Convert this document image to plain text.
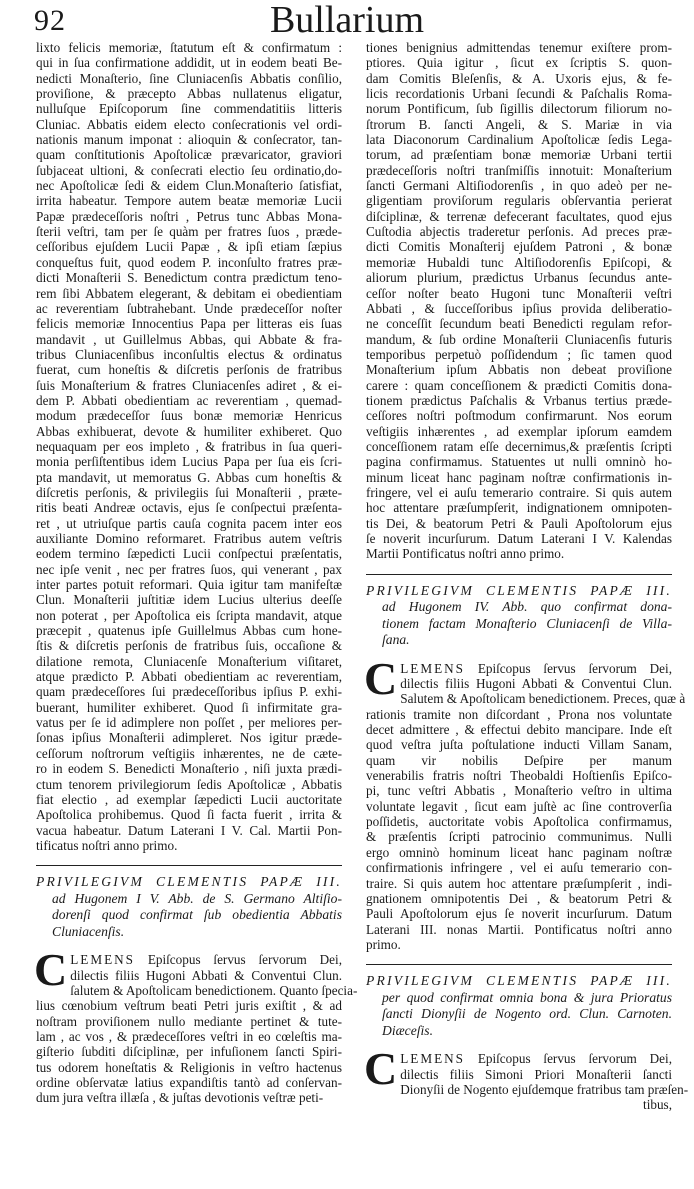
92	Bullarium
lixto felicis memoriæ, ſtatutum eſt & confirmatum :
qui in ſua confirmatione addidit, ut in eodem beati Be-
nedicti Monaſterio, ſine Cluniacenſis Abbatis conſilio,
proviſione, & præcepto Abbas nullatenus eligatur,
nulluſque Epiſcoporum ſine commendatitiis litteris
Cluniac. Abbatis eidem electo conſecrationis vel ordi-
nationis manum imponat : alioquin & conſecrator, tan-
quam conſtitutionis Apoſtolicæ prævaricator, graviori
ſubjaceat ultioni, & conſecrati electio ſeu ordinatio,do-
nec Apoſtolicæ ſedi & eidem Clun.Monaſterio ſatisfiat,
irrita habeatur. Tempore autem beatæ memoriæ Lucii
Papæ prædeceſſoris noſtri , Petrus tunc Abbas Mona-
ſterii veſtri, tam per ſe quàm per fratres ſuos , præde-
ceſſoribus ejuſdem Lucii Papæ , & ipſi etiam ſæpius
conqueſtus fuit, quod eodem P. inconſulto fratres præ-
dicti Monaſterii S. Benedictum contra prædictum teno-
rem ſibi Abbatem elegerant, & debitam ei obedientiam
ac reverentiam ſubtrahebant. Unde prædeceſſor noſter
felicis memoriæ Innocentius Papa per litteras eis ſuas
mandavit , ut Guillelmus Abbas, qui Abbate & fra-
tribus Cluniacenſibus inconſultis electus & ordinatus
fuerat, cum honeſtis & diſcretis perſonis de fratribus
ſuis Monaſterium & fratres Cluniacenſes adiret , & ei-
dem P. Abbati obedientiam ac reverentiam , quemad-
modum prædeceſſor ſuus bonæ memoriæ Henricus
Abbas exhibuerat, devote & humiliter exhiberet. Quo
nequaquam per eos impleto , & fratribus in ſua queri-
monia perſiſtentibus idem Lucius Papa per ſua eis ſcri-
pta mandavit, ut memoratus G. Abbas cum honeſtis &
diſcretis perſonis, & privilegiis ſui Monaſterii , præte-
ritis beati Andreæ octavis, ejus ſe conſpectui præſenta-
ret , ut utriuſque partis cauſa cognita pacem inter eos
auxiliante Domino reformaret. Fratribus autem veſtris
eodem termino ſæpedicti Lucii conſpectui præſentatis,
nec ipſe venit , nec per fratres ſuos, qui venerant , pax
inter partes potuit reformari. Quia igitur tam manifeſtæ
Clun. Monaſterii juſtitiæ idem Lucius ulterius deeſſe
non poterat , per Apoſtolica eis ſcripta mandavit, atque
præcepit , quatenus ipſe Guillelmus Abbas cum hone-
ſtis & diſcretis perſonis de fratribus ſuis, occaſione &
dilatione remota, Cluniacenſe Monaſterium viſitaret,
atque prædicto P. Abbati obedientiam ac reverentiam,
quam prædeceſſores ſui prædeceſſoribus ipſius P. exhi-
buerant, humiliter exhiberet. Quod ſi infirmitate gra-
vatus per ſe id adimplere non poſſet , per meliores per-
ſonas ipſius Monaſterii adimpleret. Nos igitur præde-
ceſſorum noſtrorum veſtigiis inhærentes, ne de cæte-
ro in eodem S. Benedicti Monaſterio , niſi juxta prædi-
ctum tenorem privilegiorum ſedis Apoſtolicæ , Abbatis
fiat electio , ad exemplar ſæpedicti Lucii auctoritate
Apoſtolica prohibemus. Quod ſi facta fuerit , irrita &
vacua habeatur. Datum Laterani I V. Cal. Martii Pon-
tificatus noſtri anno primo.
PRIVILEGIVM CLEMENTIS PAPÆ III.
ad Hugonem I V. Abb. de S. Germano Altiſio-
dorenſi quod confirmat ſub obedientia Abbatis
Cluniacenſis.
C LEMENS Epiſcopus ſervus ſervorum Dei,
dilectis filiis Hugoni Abbati & Conventui Clun.
ſalutem & Apoſtolicam benedictionem. Quanto ſpecia-
lius cœnobium veſtrum beati Petri juris exiſtit , & ad
noſtram proviſionem nullo mediante pertinet & tute-
lam , ac vos , & prædeceſſores veſtri in eo cœleſtis ma-
giſterio ſubditi diſciplinæ, per infuſionem ſancti Spiri-
tus odorem honeſtatis & Religionis in veſtro hactenus
ordine obſervatæ latius expandiſtis tantò ad conſervan-
dum jura veſtra illæſa , & juſtas devotionis veſtræ peti-
tiones benignius admittendas tenemur exiſtere prom-
ptiores. Quia igitur , ſicut ex ſcriptis S. quon-
dam Comitis Bleſenſis, & A. Uxoris ejus, & fe-
licis recordationis Urbani ſecundi & Paſchalis Roma-
norum Pontificum, ſub ſigillis dilectorum filiorum no-
ſtrorum B. ſancti Angeli, & S. Mariæ in via
lata Diaconorum Cardinalium Apoſtolicæ ſedis Lega-
torum, ad præſentiam bonæ memoriæ Urbani tertii
prædeceſſoris noſtri tranſmiſſis innotuit: Monaſterium
ſancti Germani Altiſiodorenſis , in quo adeò per ne-
gligentiam proviſorum regularis obſervantia perierat
diſciplinæ, & terrenæ defecerant facultates, quod ejus
Cuſtodia abjectis traderetur perſonis. Ad preces præ-
dicti Comitis Monaſterij ejuſdem Patroni , & bonæ
memoriæ Hubaldi tunc Altiſiodorenſis Epiſcopi, &
aliorum plurium, prædictus Urbanus ſecundus ante-
ceſſor noſter beato Hugoni tunc Monaſterii veſtri
Abbati , & ſucceſſoribus ipſius provida deliberatio-
ne conceſſit ſecundum beati Benedicti regulam refor-
mandum, & ſub ordine Monaſterii Cluniacenſis futuris
temporibus perpetuò poſſidendum ; ſic tamen quod
Monaſterium ipſum Abbatis non debeat proviſione
carere : quam conceſſionem & prædicti Comitis dona-
tionem prædictus Paſchalis & Vrbanus tertius præde-
ceſſores noſtri poſtmodum confirmarunt. Nos eorum
veſtigiis inhærentes , ad exemplar ipſorum eamdem
conceſſionem ratam eſſe decernimus,& præſentis ſcripti
pagina confirmamus. Statuentes ut nulli omninò ho-
minum liceat hanc paginam noſtræ confirmationis in-
fringere, vel ei auſu temerario contraire. Si quis autem
hoc attentare præſumpſerit, indignationem omnipoten-
tis Dei, & beatorum Petri & Pauli Apoſtolorum ejus
ſe noverit incurſurum. Datum Laterani I V. Kalendas
Martii Pontificatus noſtri anno primo.
PRIVILEGIVM CLEMENTIS PAPÆ III.
ad Hugonem IV. Abb. quo confirmat dona-
tionem factam Monaſterio Cluniacenſi de Villa-
ſana.
C LEMENS Epiſcopus ſervus ſervorum Dei,
dilectis filiis Hugoni Abbati & Conventui Clun.
Salutem & Apoſtolicam benedictionem. Preces, quæ à
rationis tramite non diſcordant , Prona nos voluntate
decet admittere , & effectui debito mancipare. Inde eſt
quod veſtra juſta poſtulatione inducti Villam Sanam,
quam vir nobilis Deſpire per manum
venerabilis fratris noſtri Theobaldi Hoſtienſis Epiſco-
pi, tunc veſtri Abbatis , Monaſterio veſtro in ultima
voluntate legavit , ſicut eam juſtè ac ſine controverſia
poſſidetis, auctoritate vobis Apoſtolica confirmamus,
& præſentis ſcripti patrocinio communimus. Nulli
ergo omninò hominum liceat hanc paginam noſtræ
confirmationis infringere , vel ei auſu temerario con-
traire. Si quis autem hoc attentare præſumpſerit , indi-
gnationem omnipotentis Dei , & beatorum Petri &
Pauli Apoſtolorum ejus ſe noverit incurſurum. Datum
Laterani III. nonas Martii. Pontificatus noſtri anno
primo.
PRIVILEGIVM CLEMENTIS PAPÆ III.
per quod confirmat omnia bona & jura Prioratus
ſancti Dionyſii de Nogento ord. Clun. Carnoten.
Diæceſis.
C LEMENS Epiſcopus ſervus ſervorum Dei,
dilectis filiis Simoni Priori Monaſterii ſancti
Dionyſii de Nogento ejuſdemque fratribus tam præſen-
tibus,
